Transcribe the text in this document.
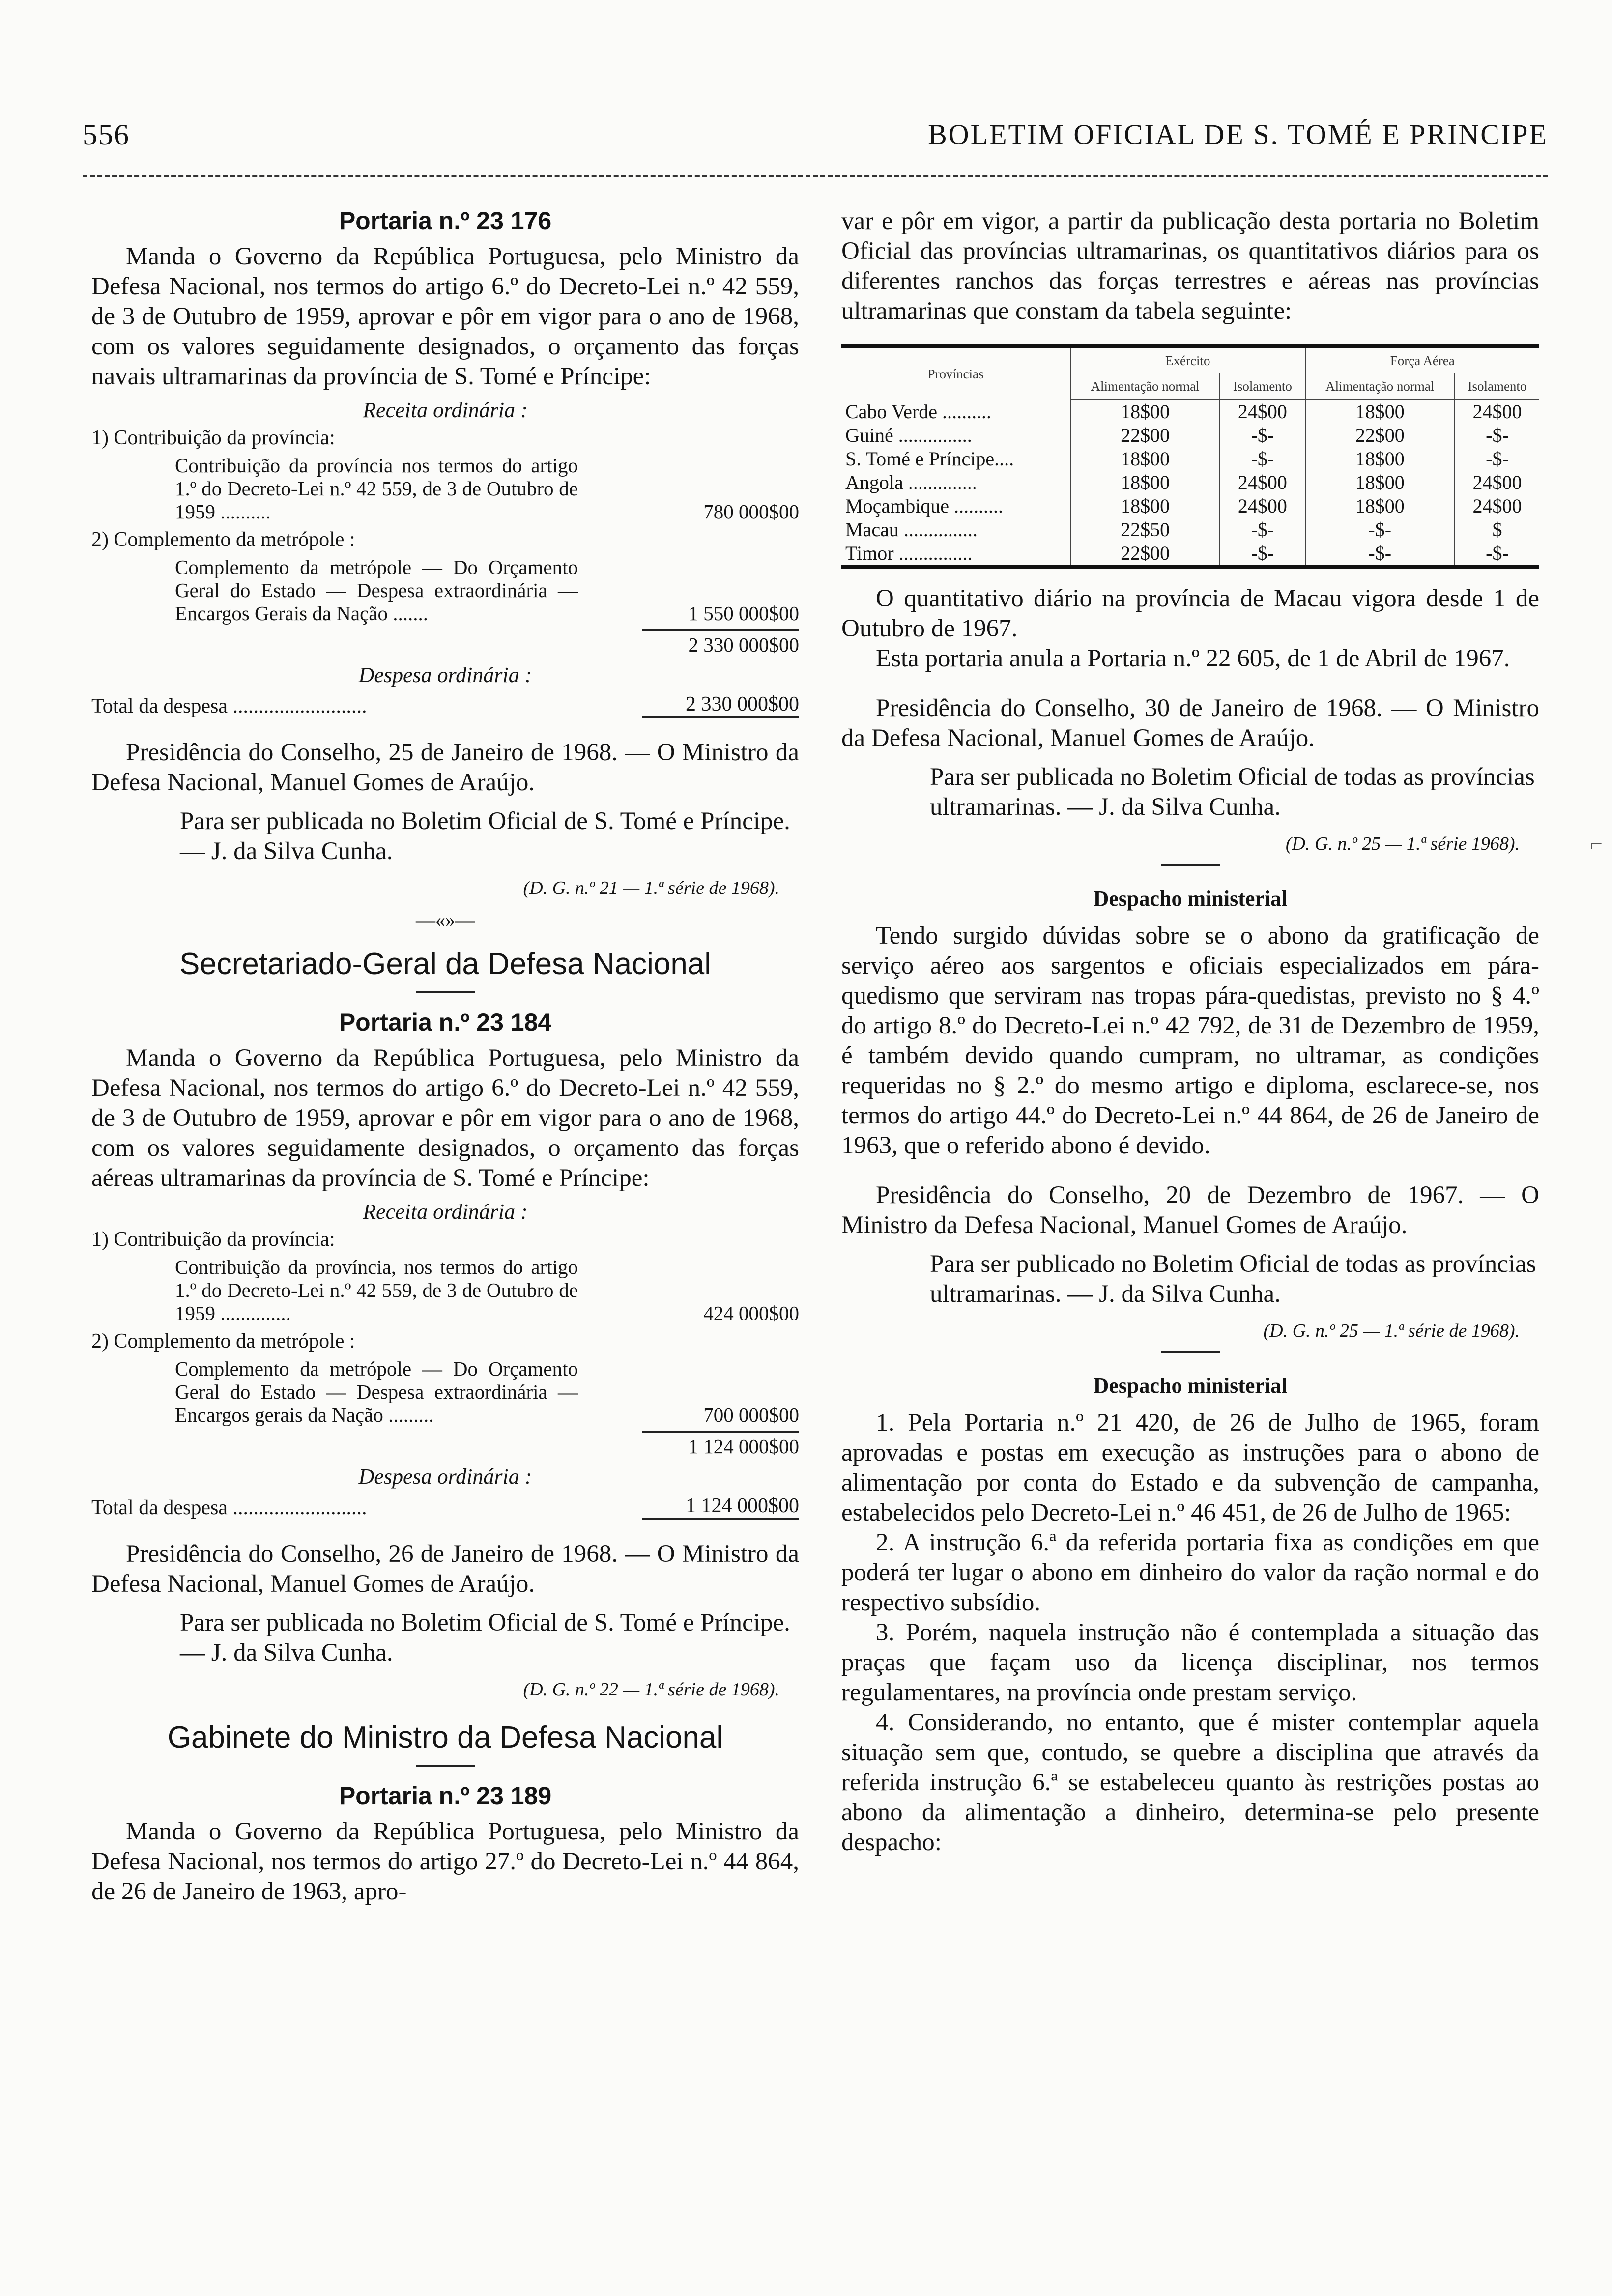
556	BOLETIM OFICIAL DE S. TOMÉ E PRINCIPE
Portaria n.º 23 176

Manda o Governo da República Portuguesa, pelo Ministro da Defesa Nacional, nos termos do artigo 6.º do Decreto-Lei n.º 42 559, de 3 de Outubro de 1959, aprovar e pôr em vigor para o ano de 1968, com os valores seguidamente designados, o orçamento das forças navais ultramarinas da província de S. Tomé e Príncipe:

Receita ordinária :
1) Contribuição da província:
Contribuição da província nos termos do artigo 1.º do Decreto-Lei n.º 42 559, de 3 de Outubro de 1959 ..........	780 000$00
2) Complemento da metrópole :
Complemento da metrópole — Do Orçamento Geral do Estado — Despesa extraordinária — Encargos Gerais da Nação .......	1 550 000$00
2 330 000$00
Despesa ordinária :
Total da despesa ..........................	2 330 000$00

Presidência do Conselho, 25 de Janeiro de 1968. — O Ministro da Defesa Nacional, Manuel Gomes de Araújo.

Para ser publicada no Boletim Oficial de S. Tomé e Príncipe. — J. da Silva Cunha.

(D. G. n.º 21 — 1.ª série de 1968).
—«»—
Secretariado-Geral da Defesa Nacional
Portaria n.º 23 184

Manda o Governo da República Portuguesa, pelo Ministro da Defesa Nacional, nos termos do artigo 6.º do Decreto-Lei n.º 42 559, de 3 de Outubro de 1959, aprovar e pôr em vigor para o ano de 1968, com os valores seguidamente designados, o orçamento das forças aéreas ultramarinas da província de S. Tomé e Príncipe:

Receita ordinária :
1) Contribuição da província:
Contribuição da província, nos termos do artigo 1.º do Decreto-Lei n.º 42 559, de 3 de Outubro de 1959 ..............	424 000$00
2) Complemento da metrópole :
Complemento da metrópole — Do Orçamento Geral do Estado — Despesa extraordinária — Encargos gerais da Nação .........	700 000$00
1 124 000$00
Despesa ordinária :
Total da despesa ..........................	1 124 000$00

Presidência do Conselho, 26 de Janeiro de 1968. — O Ministro da Defesa Nacional, Manuel Gomes de Araújo.

Para ser publicada no Boletim Oficial de S. Tomé e Príncipe. — J. da Silva Cunha.

(D. G. n.º 22 — 1.ª série de 1968).
Gabinete do Ministro da Defesa Nacional
Portaria n.º 23 189

Manda o Governo da República Portuguesa, pelo Ministro da Defesa Nacional, nos termos do artigo 27.º do Decreto-Lei n.º 44 864, de 26 de Janeiro de 1963, apro-

var e pôr em vigor, a partir da publicação desta portaria no Boletim Oficial das províncias ultramarinas, os quantitativos diários para os diferentes ranchos das forças terrestres e aéreas nas províncias ultramarinas que constam da tabela seguinte:

Províncias	Exército		Força Aérea	
	Alimentação normal	Isolamento	Alimentação normal	Isolamento
Cabo Verde ..........	18$00	24$00	18$00	24$00
Guiné ...............	22$00	-$-	22$00	-$-
S. Tomé e Príncipe....	18$00	-$-	18$00	-$-
Angola ..............	18$00	24$00	18$00	24$00
Moçambique ..........	18$00	24$00	18$00	24$00
Macau ...............	22$50	-$-	-$-	$
Timor ...............	22$00	-$-	-$-	-$-

O quantitativo diário na província de Macau vigora desde 1 de Outubro de 1967.

Esta portaria anula a Portaria n.º 22 605, de 1 de Abril de 1967.

Presidência do Conselho, 30 de Janeiro de 1968. — O Ministro da Defesa Nacional, Manuel Gomes de Araújo.

Para ser publicada no Boletim Oficial de todas as províncias ultramarinas. — J. da Silva Cunha.

(D. G. n.º 25 — 1.ª série 1968).
Despacho ministerial

Tendo surgido dúvidas sobre se o abono da gratificação de serviço aéreo aos sargentos e oficiais especializados em pára-quedismo que serviram nas tropas pára-quedistas, previsto no § 4.º do artigo 8.º do Decreto-Lei n.º 42 792, de 31 de Dezembro de 1959, é também devido quando cumpram, no ultramar, as condições requeridas no § 2.º do mesmo artigo e diploma, esclarece-se, nos termos do artigo 44.º do Decreto-Lei n.º 44 864, de 26 de Janeiro de 1963, que o referido abono é devido.

Presidência do Conselho, 20 de Dezembro de 1967. — O Ministro da Defesa Nacional, Manuel Gomes de Araújo.

Para ser publicado no Boletim Oficial de todas as províncias ultramarinas. — J. da Silva Cunha.

(D. G. n.º 25 — 1.ª série de 1968).
Despacho ministerial

1. Pela Portaria n.º 21 420, de 26 de Julho de 1965, foram aprovadas e postas em execução as instruções para o abono de alimentação por conta do Estado e da subvenção de campanha, estabelecidos pelo Decreto-Lei n.º 46 451, de 26 de Julho de 1965:

2. A instrução 6.ª da referida portaria fixa as condições em que poderá ter lugar o abono em dinheiro do valor da ração normal e do respectivo subsídio.

3. Porém, naquela instrução não é contemplada a situação das praças que façam uso da licença disciplinar, nos termos regulamentares, na província onde prestam serviço.

4. Considerando, no entanto, que é mister contemplar aquela situação sem que, contudo, se quebre a disciplina que através da referida instrução 6.ª se estabeleceu quanto às restrições postas ao abono da alimentação a dinheiro, determina-se pelo presente despacho:

⌐
